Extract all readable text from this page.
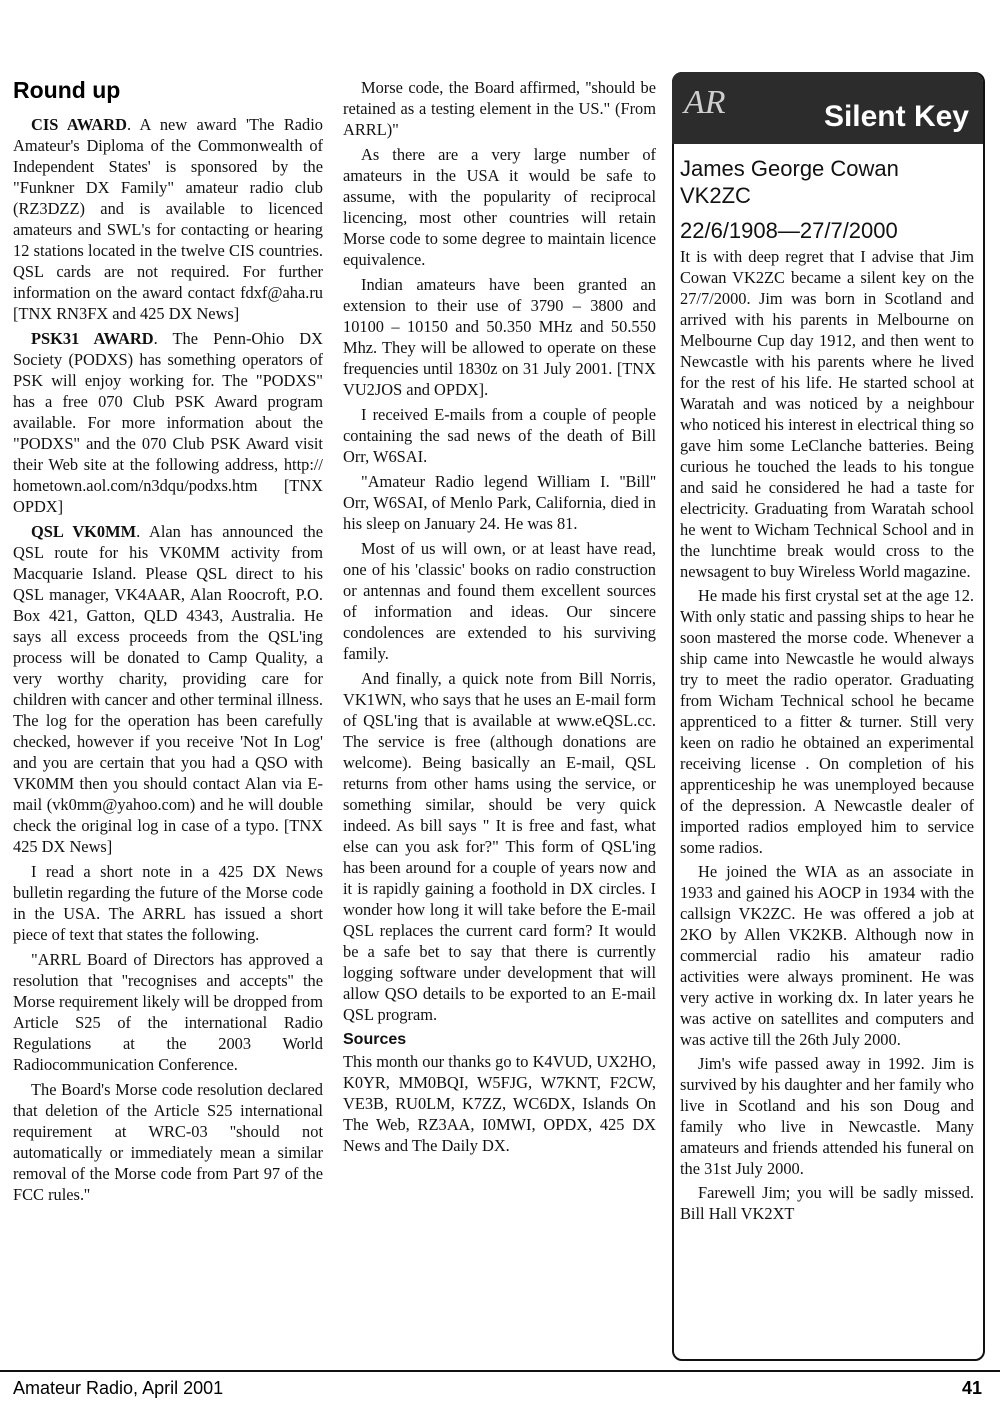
Round up

CIS AWARD. A new award 'The Radio Amateur's Diploma of the Commonwealth of Independent States' is sponsored by the "Funkner DX Family" amateur radio club (RZ3DZZ) and is available to licenced amateurs and SWL's for contacting or hearing 12 stations located in the twelve CIS countries. QSL cards are not required. For further information on the award contact fdxf@aha.ru [TNX RN3FX and 425 DX News]

PSK31 AWARD. The Penn-Ohio DX Society (PODXS) has something operators of PSK will enjoy working for. The "PODXS" has a free 070 Club PSK Award program available. For more information about the "PODXS" and the 070 Club PSK Award visit their Web site at the following address, http:// hometown.aol.com/n3dqu/podxs.htm [TNX OPDX]

QSL VK0MM. Alan has announced the QSL route for his VK0MM activity from Macquarie Island. Please QSL direct to his QSL manager, VK4AAR, Alan Roocroft, P.O. Box 421, Gatton, QLD 4343, Australia. He says all excess proceeds from the QSL'ing process will be donated to Camp Quality, a very worthy charity, providing care for children with cancer and other terminal illness. The log for the operation has been carefully checked, however if you receive 'Not In Log' and you are certain that you had a QSO with VK0MM then you should contact Alan via E-mail (vk0mm@yahoo.com) and he will double check the original log in case of a typo. [TNX 425 DX News]

I read a short note in a 425 DX News bulletin regarding the future of the Morse code in the USA. The ARRL has issued a short piece of text that states the following.

"ARRL Board of Directors has approved a resolution that ''recognises and accepts'' the Morse requirement likely will be dropped from Article S25 of the international Radio Regulations at the 2003 World Radiocommunication Conference.

The Board's Morse code resolution declared that deletion of the Article S25 international requirement at WRC-03 ''should not automatically or immediately mean a similar removal of the Morse code from Part 97 of the FCC rules.''

Morse code, the Board affirmed, ''should be retained as a testing element in the US." (From ARRL)"

As there are a very large number of amateurs in the USA it would be safe to assume, with the popularity of reciprocal licencing, most other countries will retain Morse code to some degree to maintain licence equivalence.

Indian amateurs have been granted an extension to their use of 3790 – 3800 and 10100 – 10150 and 50.350 MHz and 50.550 Mhz. They will be allowed to operate on these frequencies until 1830z on 31 July 2001. [TNX VU2JOS and OPDX].

I received E-mails from a couple of people containing the sad news of the death of Bill Orr, W6SAI.

"Amateur Radio legend William I. ''Bill'' Orr, W6SAI, of Menlo Park, California, died in his sleep on January 24. He was 81.

Most of us will own, or at least have read, one of his 'classic' books on radio construction or antennas and found them excellent sources of information and ideas. Our sincere condolences are extended to his surviving family.

And finally, a quick note from Bill Norris, VK1WN, who says that he uses an E-mail form of QSL'ing that is available at www.eQSL.cc. The service is free (although donations are welcome). Being basically an E-mail, QSL returns from other hams using the service, or something similar, should be very quick indeed. As bill says " It is free and fast, what else can you ask for?" This form of QSL'ing has been around for a couple of years now and it is rapidly gaining a foothold in DX circles. I wonder how long it will take before the E-mail QSL replaces the current card form? It would be a safe bet to say that there is currently logging software under development that will allow QSO details to be exported to an E-mail QSL program.

Sources

This month our thanks go to K4VUD, UX2HO, K0YR, MM0BQI, W5FJG, W7KNT, F2CW, VE3B, RU0LM, K7ZZ, WC6DX, Islands On The Web, RZ3AA, I0MWI, OPDX, 425 DX News and The Daily DX.

AR	Silent Key
James George Cowan
VK2ZC
22/6/1908—27/7/2000

It is with deep regret that I advise that Jim Cowan VK2ZC became a silent key on the 27/7/2000. Jim was born in Scotland and arrived with his parents in Melbourne on Melbourne Cup day 1912, and then went to Newcastle with his parents where he lived for the rest of his life. He started school at Waratah and was noticed by a neighbour who noticed his interest in electrical thing so gave him some LeClanche batteries. Being curious he touched the leads to his tongue and said he considered he had a taste for electricity. Graduating from Waratah school he went to Wicham Technical School and in the lunchtime break would cross to the newsagent to buy Wireless World magazine.

He made his first crystal set at the age 12. With only static and passing ships to hear he soon mastered the morse code. Whenever a ship came into Newcastle he would always try to meet the radio operator. Graduating from Wicham Technical school he became apprenticed to a fitter & turner. Still very keen on radio he obtained an experimental receiving license . On completion of his apprenticeship he was unemployed because of the depression. A Newcastle dealer of imported radios employed him to service some radios.

He joined the WIA as an associate in 1933 and gained his AOCP in 1934 with the callsign VK2ZC. He was offered a job at 2KO by Allen VK2KB. Although now in commercial radio his amateur radio activities were always prominent. He was very active in working dx. In later years he was active on satellites and computers and was active till the 26th July 2000.

Jim's wife passed away in 1992. Jim is survived by his daughter and her family who live in Scotland and his son Doug and family who live in Newcastle. Many amateurs and friends attended his funeral on the 31st July 2000.

Farewell Jim; you will be sadly missed. Bill Hall VK2XT

Amateur Radio, April 2001	41
